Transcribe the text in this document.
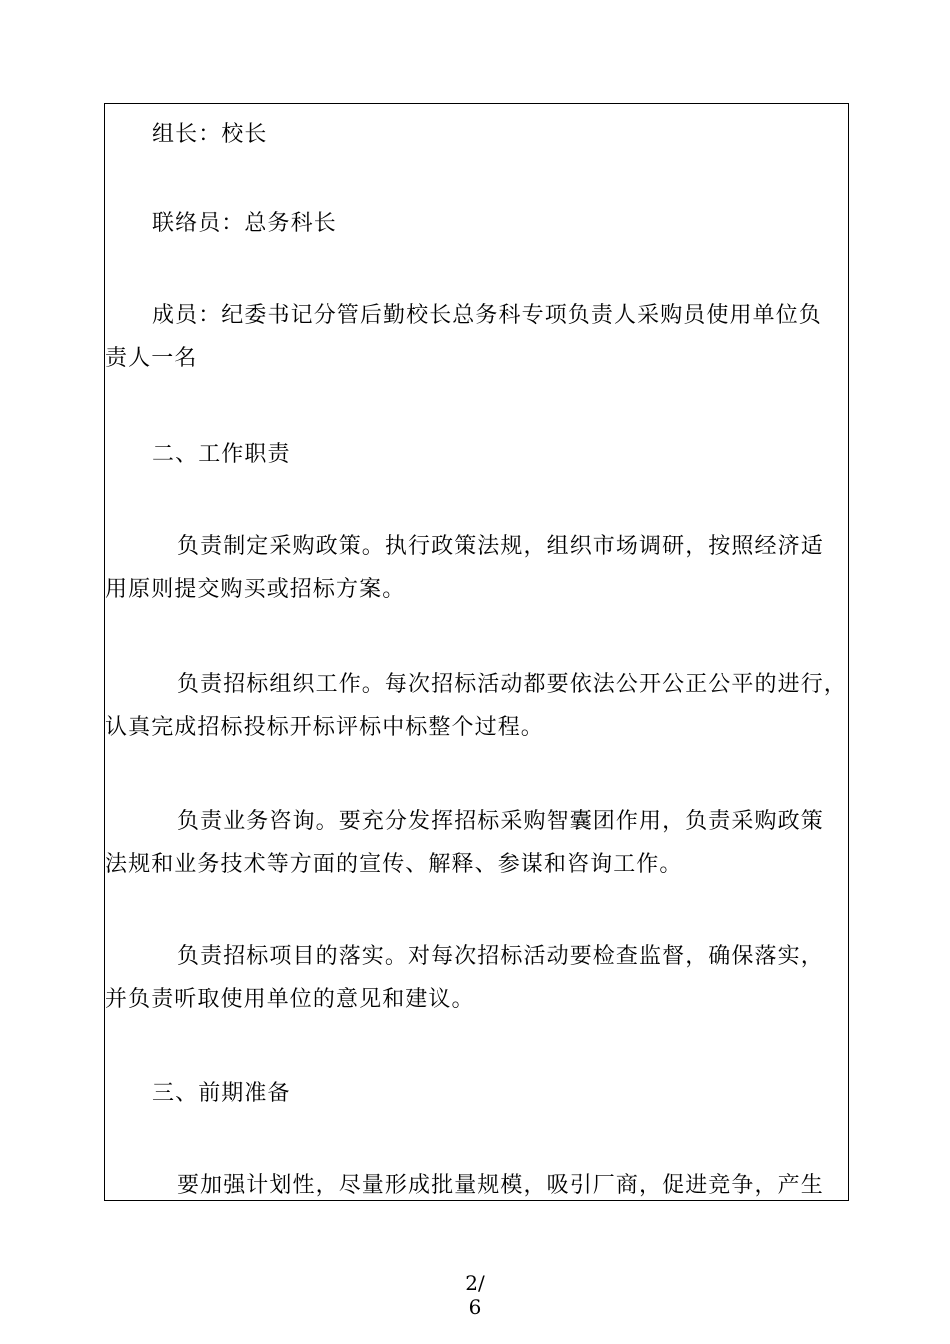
组长：校长
联络员：总务科长
成员：纪委书记分管后勤校长总务科专项负责人采购员使用单位负
责人一名
二、工作职责
负责制定采购政策。执行政策法规，组织市场调研，按照经济适
用原则提交购买或招标方案。
负责招标组织工作。每次招标活动都要依法公开公正公平的进行，
认真完成招标投标开标评标中标整个过程。
负责业务咨询。要充分发挥招标采购智囊团作用，负责采购政策
法规和业务技术等方面的宣传、解释、参谋和咨询工作。
负责招标项目的落实。对每次招标活动要检查监督，确保落实，
并负责听取使用单位的意见和建议。
三、前期准备
要加强计划性，尽量形成批量规模，吸引厂商，促进竞争，产生
2/
6
